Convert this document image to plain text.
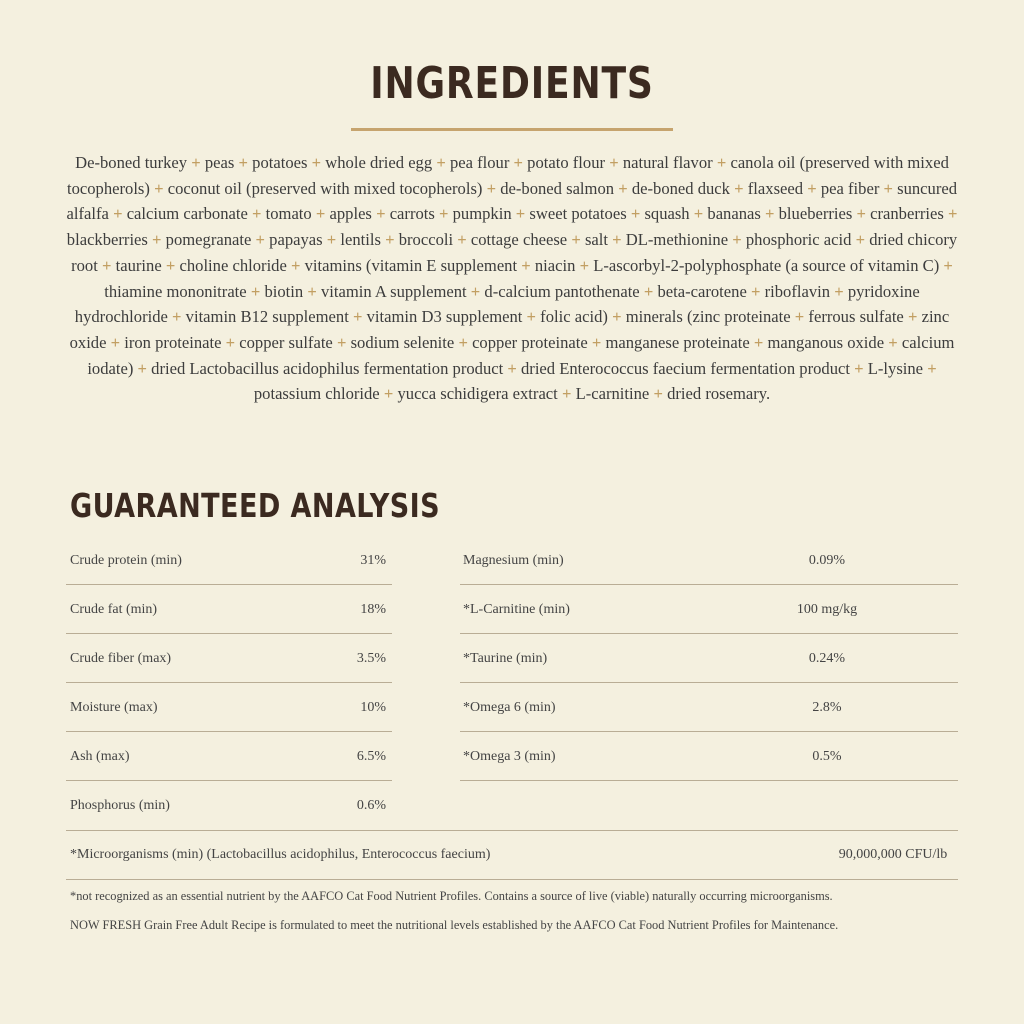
INGREDIENTS

De-boned turkey + peas + potatoes + whole dried egg + pea flour + potato flour + natural flavor + canola oil (preserved with mixed tocopherols) + coconut oil (preserved with mixed tocopherols) + de-boned salmon + de-boned duck + flaxseed + pea fiber + suncured alfalfa + calcium carbonate + tomato + apples + carrots + pumpkin + sweet potatoes + squash + bananas + blueberries + cranberries + blackberries + pomegranate + papayas + lentils + broccoli + cottage cheese + salt + DL-methionine + phosphoric acid + dried chicory root + taurine + choline chloride + vitamins (vitamin E supplement + niacin + L-ascorbyl-2-polyphosphate (a source of vitamin C) + thiamine mononitrate + biotin + vitamin A supplement + d-calcium pantothenate + beta-carotene + riboflavin + pyridoxine hydrochloride + vitamin B12 supplement + vitamin D3 supplement + folic acid) + minerals (zinc proteinate + ferrous sulfate + zinc oxide + iron proteinate + copper sulfate + sodium selenite + copper proteinate + manganese proteinate + manganous oxide + calcium iodate) + dried Lactobacillus acidophilus fermentation product + dried Enterococcus faecium fermentation product + L-lysine + potassium chloride + yucca schidigera extract + L-carnitine + dried rosemary.

GUARANTEED ANALYSIS
Crude protein (min)	31%
Crude fat (min)	18%
Crude fiber (max)	3.5%
Moisture (max)	10%
Ash (max)	6.5%
Phosphorus (min)	0.6%
Magnesium (min)	0.09%
*L-Carnitine (min)	100 mg/kg
*Taurine (min)	0.24%
*Omega 6 (min)	2.8%
*Omega 3 (min)	0.5%
*Microorganisms (min) (Lactobacillus acidophilus, Enterococcus faecium)	90,000,000 CFU/lb

*not recognized as an essential nutrient by the AAFCO Cat Food Nutrient Profiles. Contains a source of live (viable) naturally occurring microorganisms.

NOW FRESH Grain Free Adult Recipe is formulated to meet the nutritional levels established by the AAFCO Cat Food Nutrient Profiles for Maintenance.
